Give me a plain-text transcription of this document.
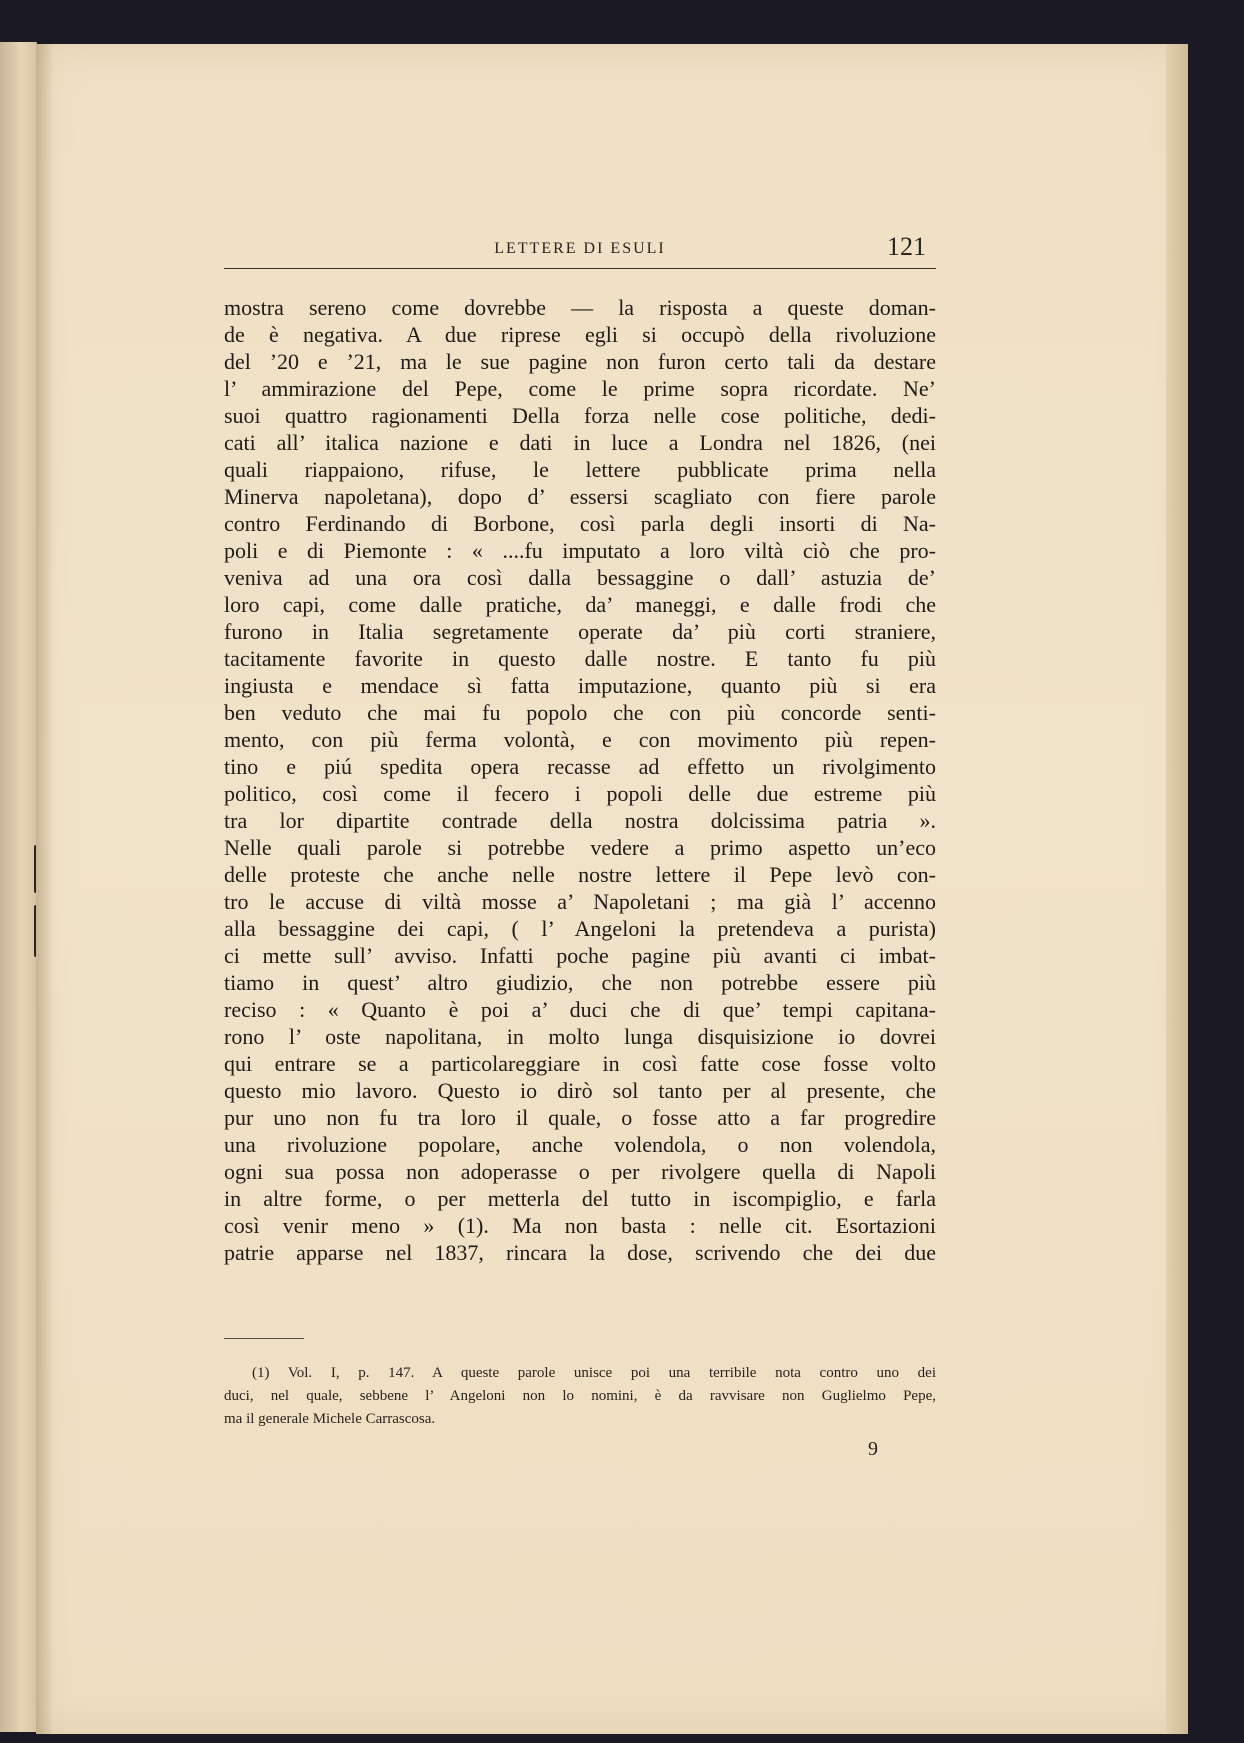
LETTERE DI ESULI	121
mostra sereno come dovrebbe — la risposta a queste doman-
de è negativa. A due riprese egli si occupò della rivoluzione
del ’20 e ’21, ma le sue pagine non furon certo tali da destare
l’ ammirazione del Pepe, come le prime sopra ricordate. Ne’
suoi quattro ragionamenti Della forza nelle cose politiche, dedi-
cati all’ italica nazione e dati in luce a Londra nel 1826, (nei
quali riappaiono, rifuse, le lettere pubblicate prima nella
Minerva napoletana), dopo d’ essersi scagliato con fiere parole
contro Ferdinando di Borbone, così parla degli insorti di Na-
poli e di Piemonte : « ....fu imputato a loro viltà ciò che pro-
veniva ad una ora così dalla bessaggine o dall’ astuzia de’
loro capi, come dalle pratiche, da’ maneggi, e dalle frodi che
furono in Italia segretamente operate da’ più corti straniere,
tacitamente favorite in questo dalle nostre. E tanto fu più
ingiusta e mendace sì fatta imputazione, quanto più si era
ben veduto che mai fu popolo che con più concorde senti-
mento, con più ferma volontà, e con movimento più repen-
tino e piú spedita opera recasse ad effetto un rivolgimento
politico, così come il fecero i popoli delle due estreme più
tra lor dipartite contrade della nostra dolcissima patria ».
Nelle quali parole si potrebbe vedere a primo aspetto un’eco
delle proteste che anche nelle nostre lettere il Pepe levò con-
tro le accuse di viltà mosse a’ Napoletani ; ma già l’ accenno
alla bessaggine dei capi, ( l’ Angeloni la pretendeva a purista)
ci mette sull’ avviso. Infatti poche pagine più avanti ci imbat-
tiamo in quest’ altro giudizio, che non potrebbe essere più
reciso : « Quanto è poi a’ duci che di que’ tempi capitana-
rono l’ oste napolitana, in molto lunga disquisizione io dovrei
qui entrare se a particolareggiare in così fatte cose fosse volto
questo mio lavoro. Questo io dirò sol tanto per al presente, che
pur uno non fu tra loro il quale, o fosse atto a far progredire
una rivoluzione popolare, anche volendola, o non volendola,
ogni sua possa non adoperasse o per rivolgere quella di Napoli
in altre forme, o per metterla del tutto in iscompiglio, e farla
così venir meno » (1). Ma non basta : nelle cit. Esortazioni
patrie apparse nel 1837, rincara la dose, scrivendo che dei due
(1) Vol. I, p. 147. A queste parole unisce poi una terribile nota contro uno dei
duci, nel quale, sebbene l’ Angeloni non lo nomini, è da ravvisare non Guglielmo Pepe,
ma il generale Michele Carrascosa.
9
